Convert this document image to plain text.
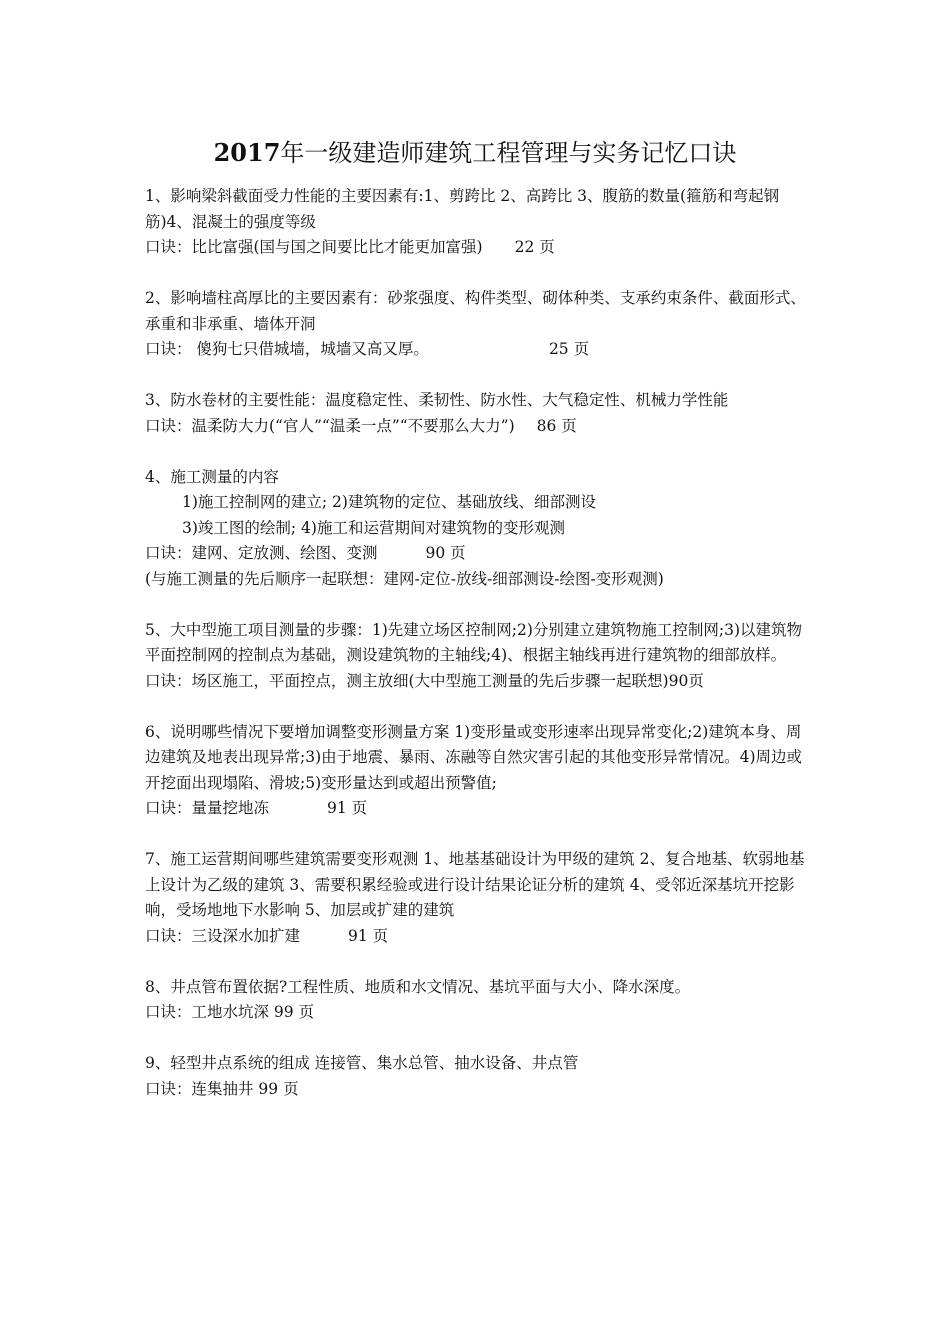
2017年一级建造师建筑工程管理与实务记忆口诀

1、影响梁斜截面受力性能的主要因素有:1、剪跨比 2、高跨比 3、腹筋的数量(箍筋和弯起钢筋)4、混凝土的强度等级

口诀：比比富强(国与国之间要比比才能更加富强) 22 页

2、影响墙柱高厚比的主要因素有：砂浆强度、构件类型、砌体种类、支承约束条件、截面形式、承重和非承重、墙体开洞

口诀： 傻狗七只借城墙，城墙又高又厚。	25 页

3、防水卷材的主要性能：温度稳定性、柔韧性、防水性、大气稳定性、机械力学性能

口诀：温柔防大力(“官人”“温柔一点”“不要那么大力”) 86 页

4、施工测量的内容

1)施工控制网的建立; 2)建筑物的定位、基础放线、细部测设

3)竣工图的绘制; 4)施工和运营期间对建筑物的变形观测

口诀：建网、定放测、绘图、变测	90 页

(与施工测量的先后顺序一起联想：建网-定位-放线-细部测设-绘图-变形观测)

5、大中型施工项目测量的步骤：1)先建立场区控制网;2)分别建立建筑物施工控制网;3)以建筑物平面控制网的控制点为基础，测设建筑物的主轴线;4)、根据主轴线再进行建筑物的细部放样。

口诀：场区施工，平面控点，测主放细(大中型施工测量的先后步骤一起联想)90页

6、说明哪些情况下要增加调整变形测量方案 1)变形量或变形速率出现异常变化;2)建筑本身、周边建筑及地表出现异常;3)由于地震、暴雨、冻融等自然灾害引起的其他变形异常情况。4)周边或开挖面出现塌陷、滑坡;5)变形量达到或超出预警值;

口诀：量量挖地冻	91 页

7、施工运营期间哪些建筑需要变形观测 1、地基基础设计为甲级的建筑 2、复合地基、软弱地基上设计为乙级的建筑 3、需要积累经验或进行设计结果论证分析的建筑 4、受邻近深基坑开挖影响，受场地地下水影响 5、加层或扩建的建筑

口诀：三设深水加扩建	91 页

8、井点管布置依据?工程性质、地质和水文情况、基坑平面与大小、降水深度。

口诀：工地水坑深 99 页

9、轻型井点系统的组成 连接管、集水总管、抽水设备、井点管

口诀：连集抽井 99 页
